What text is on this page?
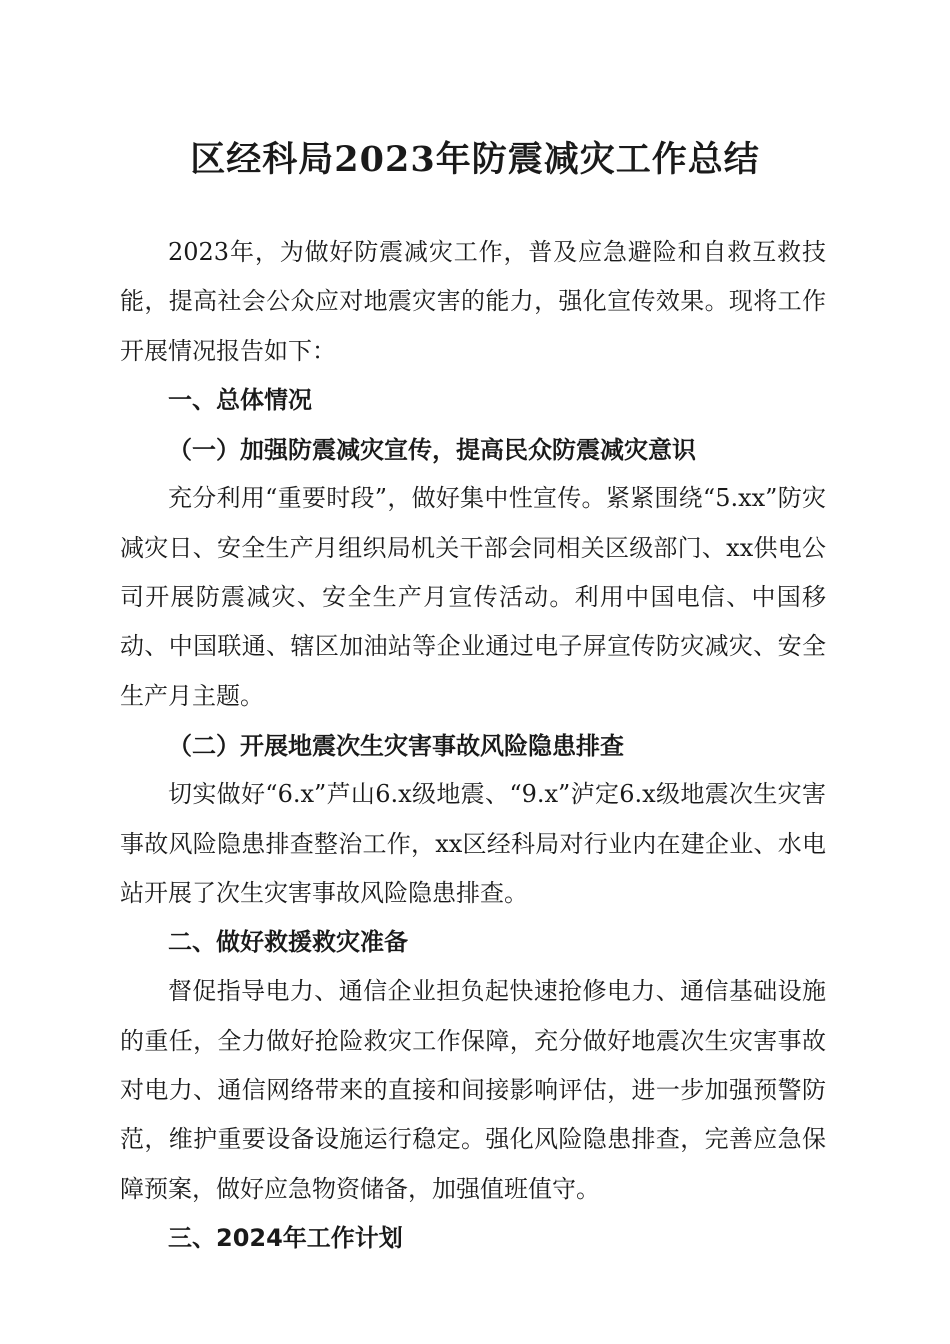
区经科局2023年防震减灾工作总结

2023年，为做好防震减灾工作，普及应急避险和自救互救技能，提高社会公众应对地震灾害的能力，强化宣传效果。现将工作开展情况报告如下：

一、总体情况

（一）加强防震减灾宣传，提高民众防震减灾意识

充分利用“重要时段”，做好集中性宣传。紧紧围绕“5.xx”防灾减灾日、安全生产月组织局机关干部会同相关区级部门、xx供电公司开展防震减灾、安全生产月宣传活动。利用中国电信、中国移动、中国联通、辖区加油站等企业通过电子屏宣传防灾减灾、安全生产月主题。

（二）开展地震次生灾害事故风险隐患排查

切实做好“6.x”芦山6.x级地震、“9.x”泸定6.x级地震次生灾害事故风险隐患排查整治工作，xx区经科局对行业内在建企业、水电站开展了次生灾害事故风险隐患排查。

二、做好救援救灾准备

督促指导电力、通信企业担负起快速抢修电力、通信基础设施的重任，全力做好抢险救灾工作保障，充分做好地震次生灾害事故对电力、通信网络带来的直接和间接影响评估，进一步加强预警防范，维护重要设备设施运行稳定。强化风险隐患排查，完善应急保障预案，做好应急物资储备，加强值班值守。

三、2024年工作计划
